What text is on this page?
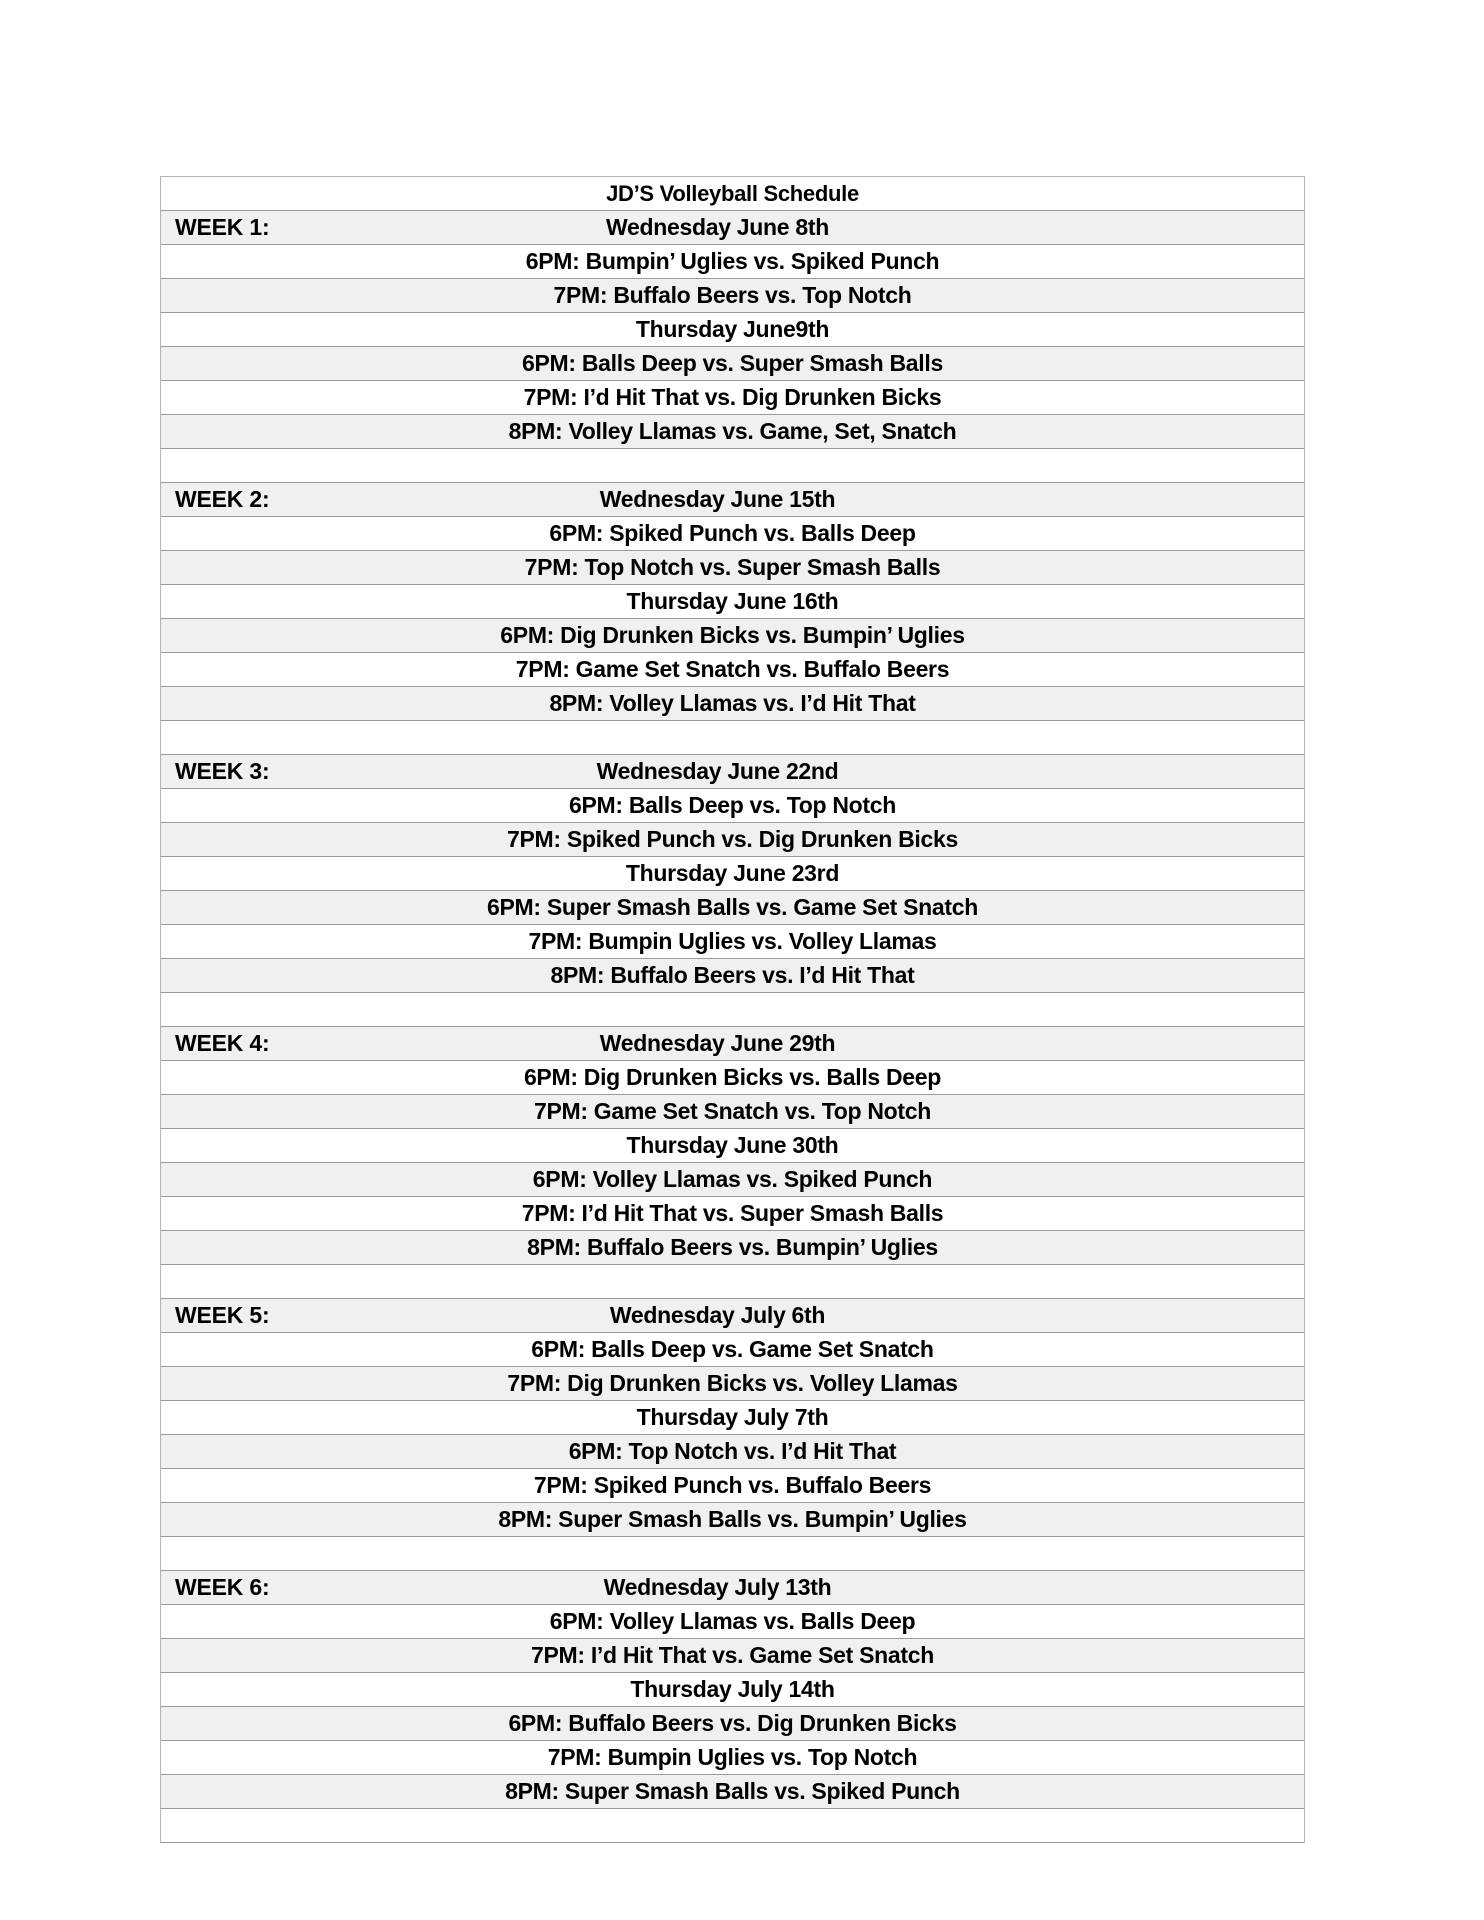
JD’S Volleyball Schedule
WEEK 1:	Wednesday June 8th
6PM: Bumpin’ Uglies vs. Spiked Punch
7PM: Buffalo Beers vs. Top Notch
Thursday June9th
6PM: Balls Deep vs. Super Smash Balls
7PM: I’d Hit That vs. Dig Drunken Bicks
8PM: Volley Llamas vs. Game, Set, Snatch
WEEK 2:	Wednesday June 15th
6PM: Spiked Punch vs. Balls Deep
7PM: Top Notch vs. Super Smash Balls
Thursday June 16th
6PM: Dig Drunken Bicks vs. Bumpin’ Uglies
7PM: Game Set Snatch vs. Buffalo Beers
8PM: Volley Llamas vs. I’d Hit That
WEEK 3:	Wednesday June 22nd
6PM: Balls Deep vs. Top Notch
7PM: Spiked Punch vs. Dig Drunken Bicks
Thursday June 23rd
6PM: Super Smash Balls vs. Game Set Snatch
7PM: Bumpin Uglies vs. Volley Llamas
8PM: Buffalo Beers vs. I’d Hit That
WEEK 4:	Wednesday June 29th
6PM: Dig Drunken Bicks vs. Balls Deep
7PM: Game Set Snatch vs. Top Notch
Thursday June 30th
6PM: Volley Llamas vs. Spiked Punch
7PM: I’d Hit That vs. Super Smash Balls
8PM: Buffalo Beers vs. Bumpin’ Uglies
WEEK 5:	Wednesday July 6th
6PM: Balls Deep vs. Game Set Snatch
7PM: Dig Drunken Bicks vs. Volley Llamas
Thursday July 7th
6PM: Top Notch vs. I’d Hit That
7PM: Spiked Punch vs. Buffalo Beers
8PM: Super Smash Balls vs. Bumpin’ Uglies
WEEK 6:	Wednesday July 13th
6PM: Volley Llamas vs. Balls Deep
7PM: I’d Hit That vs. Game Set Snatch
Thursday July 14th
6PM: Buffalo Beers vs. Dig Drunken Bicks
7PM: Bumpin Uglies vs. Top Notch
8PM: Super Smash Balls vs. Spiked Punch
